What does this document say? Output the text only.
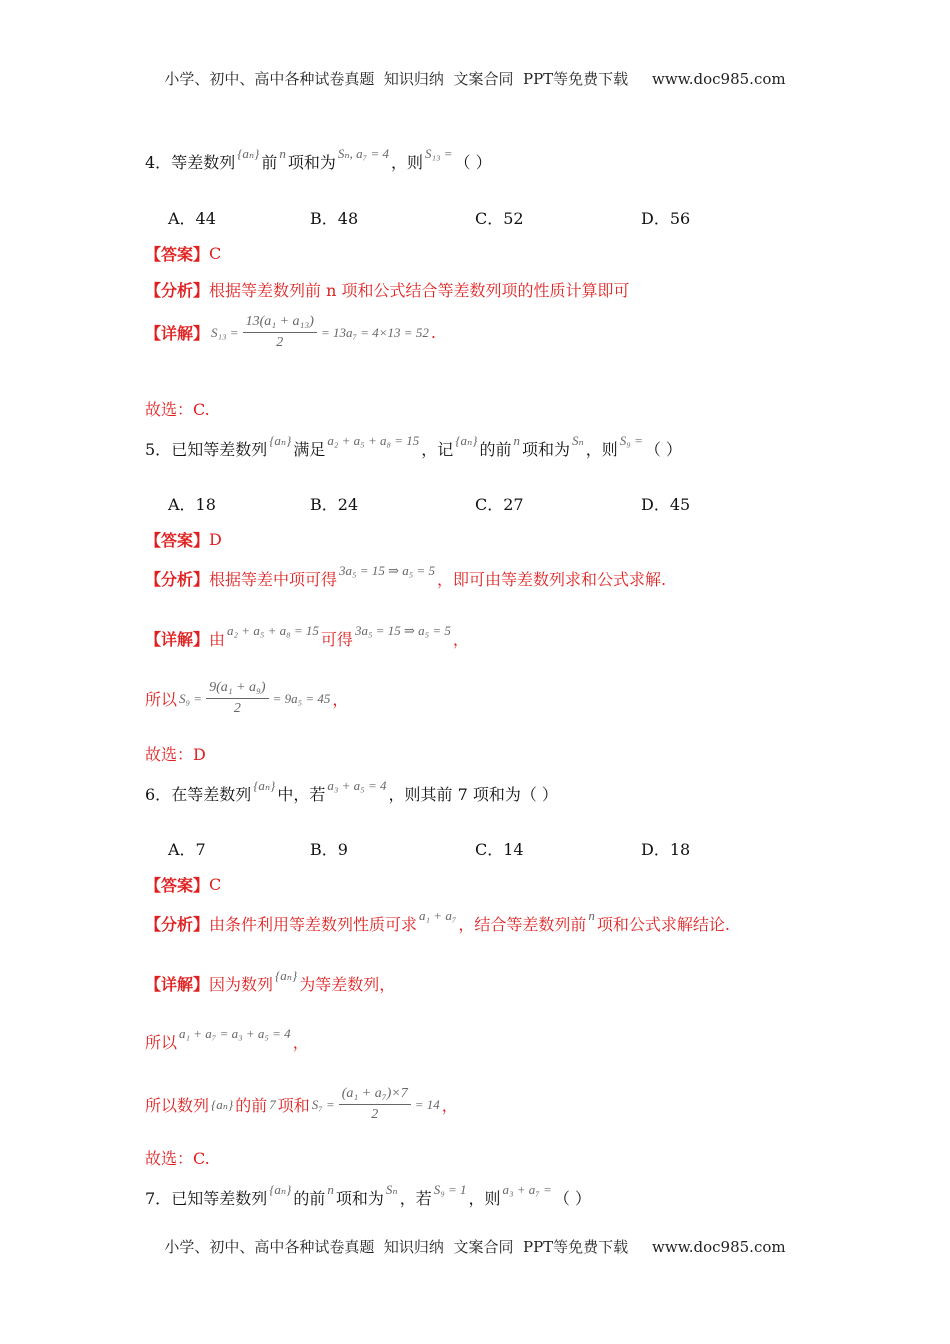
小学、初中、高中各种试卷真题  知识归纳  文案合同  PPT等免费下载     www.doc985.com
4． 等差数列 {aₙ} 前 n 项和为 Sₙ, a₇ = 4 ，则 S₁₃ = （ ）
A．44	B．48	C．52	D．56
【答案】 C
【分析】 根据等差数列前 n 项和公式结合等差数列项的性质计算即可
【详解】 $S_{13} = \frac{\text{13(a₁ + a₁₃)}}{2} = 13a_7 = 4\times 13 = 52$ .
故选：C.
5． 已知等差数列 {aₙ} 满足 a₂ + a₅ + a₈ = 15 ，记 {aₙ} 的前 n 项和为 Sₙ ，则 S₉ = （ ）
A．18	B．24	C．27	D．45
【答案】 D
【分析】 根据等差中项可得 3a₅ = 15 ⇒ a₅ = 5 ，即可由等差数列求和公式求解.
【详解】 由 a₂ + a₅ + a₈ = 15 可得 3a₅ = 15 ⇒ a₅ = 5 ，
所以 $S_9 = \frac{\text{9(a₁ + a₉)}}{2} = 9a_5 = 45$ ，
故选：D
6． 在等差数列 {aₙ} 中，若 a₃ + a₅ = 4 ，则其前 7 项和为（ ）
A．7	B．9	C．14	D．18
【答案】 C
【分析】 由条件利用等差数列性质可求 a₁ + a₇ ，结合等差数列前 n 项和公式求解结论.
【详解】 因为数列 {aₙ} 为等差数列，
所以 a₁ + a₇ = a₃ + a₅ = 4 ，
所以数列 {aₙ} 的前 7 项和 $S_7 = \frac{\text{(a₁ + a₇)×7}}{2} = 14$ ，
故选：C.
7． 已知等差数列 {aₙ} 的前 n 项和为 Sₙ ，若 S₉ = 1 ，则 a₃ + a₇ = （ ）
小学、初中、高中各种试卷真题  知识归纳  文案合同  PPT等免费下载     www.doc985.com
